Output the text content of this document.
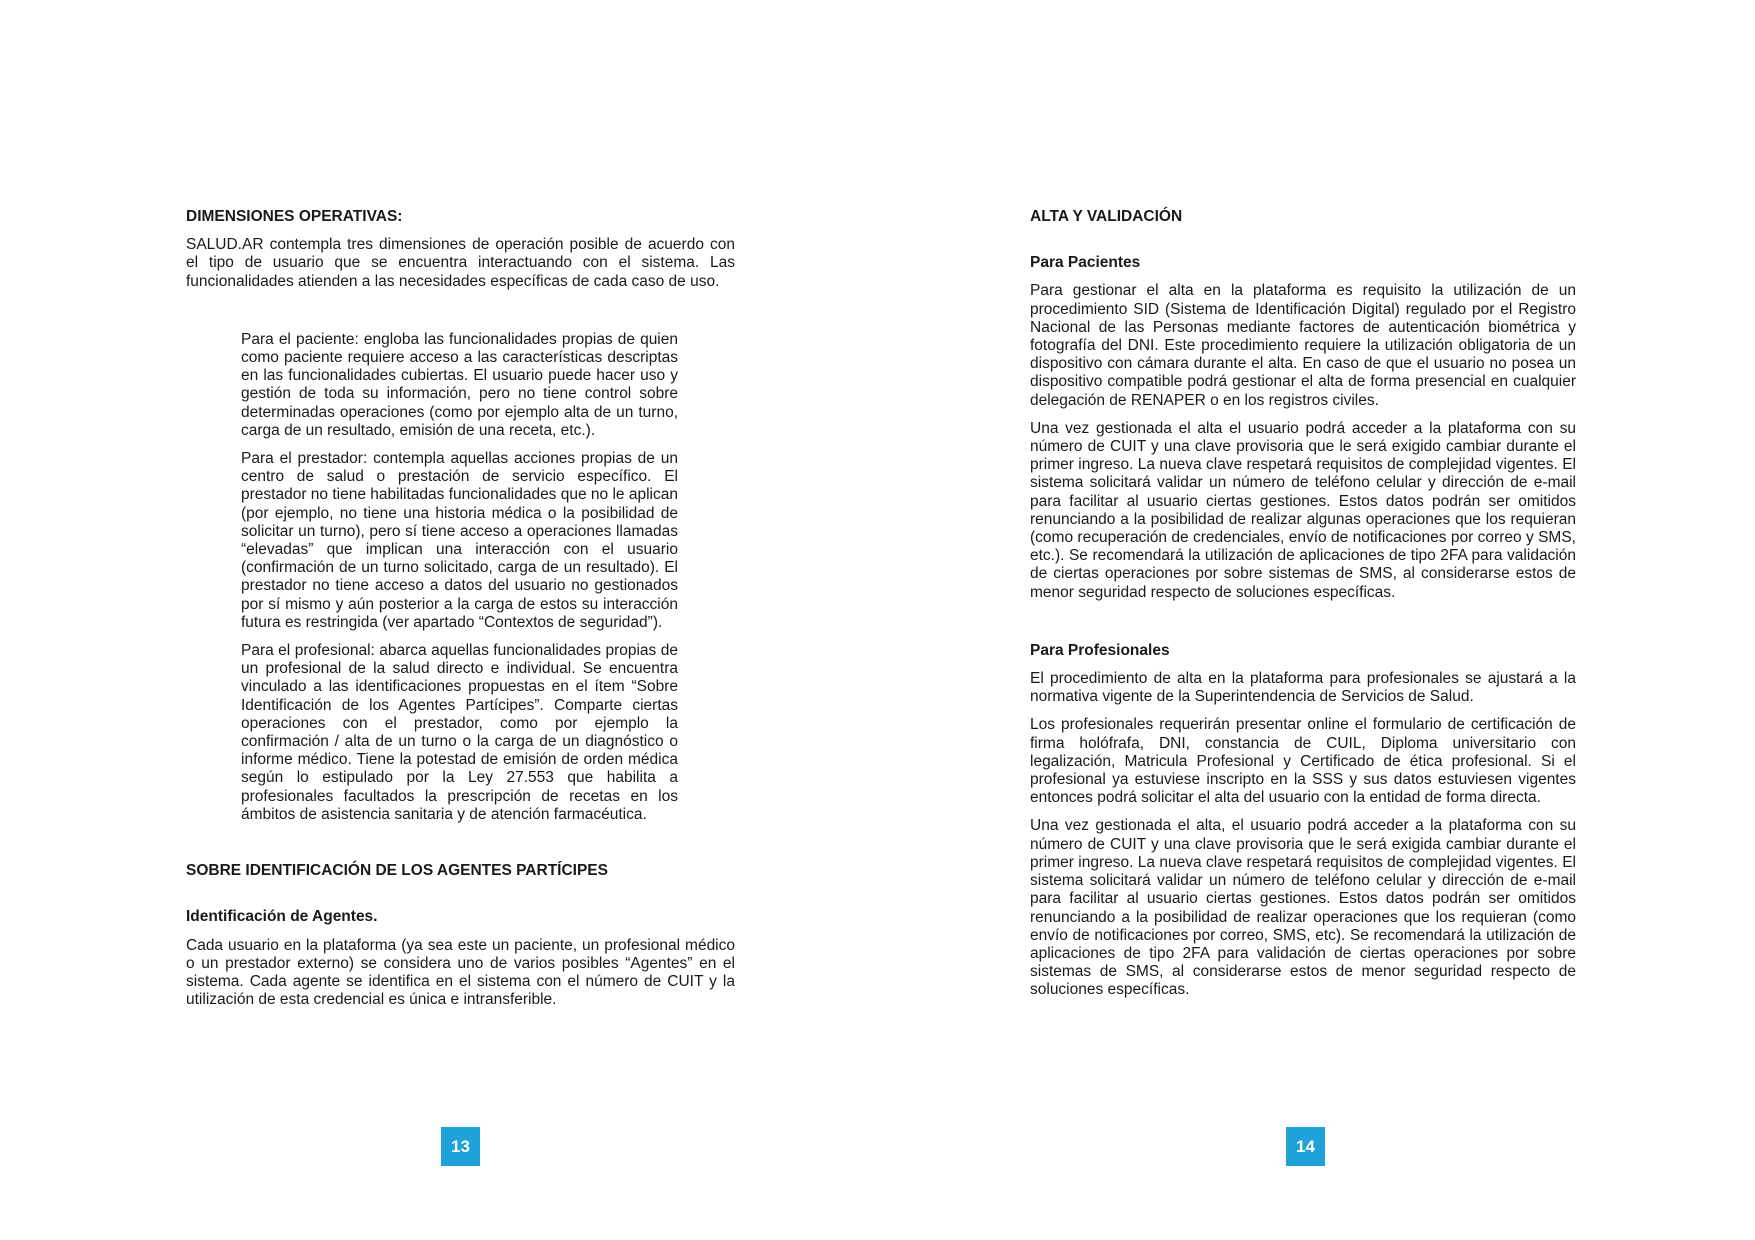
DIMENSIONES OPERATIVAS:

SALUD.AR contempla tres dimensiones de operación posible de acuerdo con el tipo de usuario que se encuentra interactuando con el sistema. Las funcionalidades atienden a las necesidades específicas de cada caso de uso.

Para el paciente: engloba las funcionalidades propias de quien como paciente requiere acceso a las características descriptas en las funcionalidades cubiertas. El usuario puede hacer uso y gestión de toda su información, pero no tiene control sobre determinadas operaciones (como por ejemplo alta de un turno, carga de un resultado, emisión de una receta, etc.).

Para el prestador: contempla aquellas acciones propias de un centro de salud o prestación de servicio específico. El prestador no tiene habilitadas funcionalidades que no le aplican (por ejemplo, no tiene una historia médica o la posibilidad de solicitar un turno), pero sí tiene acceso a operaciones llamadas “elevadas” que implican una interacción con el usuario (confirmación de un turno solicitado, carga de un resultado). El prestador no tiene acceso a datos del usuario no gestionados por sí mismo y aún posterior a la carga de estos su interacción futura es restringida (ver apartado “Contextos de seguridad”).

Para el profesional: abarca aquellas funcionalidades propias de un profesional de la salud directo e individual. Se encuentra vinculado a las identificaciones propuestas en el ítem “Sobre Identificación de los Agentes Partícipes”. Comparte ciertas operaciones con el prestador, como por ejemplo la confirmación / alta de un turno o la carga de un diagnóstico o informe médico. Tiene la potestad de emisión de orden médica según lo estipulado por la Ley 27.553 que habilita a profesionales facultados la prescripción de recetas en los ámbitos de asistencia sanitaria y de atención farmacéutica.

SOBRE IDENTIFICACIÓN DE LOS AGENTES PARTÍCIPES
Identificación de Agentes.

Cada usuario en la plataforma (ya sea este un paciente, un profesional médico o un prestador externo) se considera uno de varios posibles “Agentes” en el sistema. Cada agente se identifica en el sistema con el número de CUIT y la utilización de esta credencial es única e intransferible.

13
ALTA Y VALIDACIÓN
Para Pacientes

Para gestionar el alta en la plataforma es requisito la utilización de un procedimiento SID (Sistema de Identificación Digital) regulado por el Registro Nacional de las Personas mediante factores de autenticación biométrica y fotografía del DNI. Este procedimiento requiere la utilización obligatoria de un dispositivo con cámara durante el alta. En caso de que el usuario no posea un dispositivo compatible podrá gestionar el alta de forma presencial en cualquier delegación de RENAPER o en los registros civiles.

Una vez gestionada el alta el usuario podrá acceder a la plataforma con su número de CUIT y una clave provisoria que le será exigido cambiar durante el primer ingreso. La nueva clave respetará requisitos de complejidad vigentes. El sistema solicitará validar un número de teléfono celular y dirección de e-mail para facilitar al usuario ciertas gestiones. Estos datos podrán ser omitidos renunciando a la posibilidad de realizar algunas operaciones que los requieran (como recuperación de credenciales, envío de notificaciones por correo y SMS, etc.). Se recomendará la utilización de aplicaciones de tipo 2FA para validación de ciertas operaciones por sobre sistemas de SMS, al considerarse estos de menor seguridad respecto de soluciones específicas.

Para Profesionales

El procedimiento de alta en la plataforma para profesionales se ajustará a la normativa vigente de la Superintendencia de Servicios de Salud.

Los profesionales requerirán presentar online el formulario de certificación de firma holófrafa, DNI, constancia de CUIL, Diploma universitario con legalización, Matricula Profesional y Certificado de ética profesional. Si el profesional ya estuviese inscripto en la SSS y sus datos estuviesen vigentes entonces podrá solicitar el alta del usuario con la entidad de forma directa.

Una vez gestionada el alta, el usuario podrá acceder a la plataforma con su número de CUIT y una clave provisoria que le será exigida cambiar durante el primer ingreso. La nueva clave respetará requisitos de complejidad vigentes. El sistema solicitará validar un número de teléfono celular y dirección de e-mail para facilitar al usuario ciertas gestiones. Estos datos podrán ser omitidos renunciando a la posibilidad de realizar operaciones que los requieran (como envío de notificaciones por correo, SMS, etc). Se recomendará la utilización de aplicaciones de tipo 2FA para validación de ciertas operaciones por sobre sistemas de SMS, al considerarse estos de menor seguridad respecto de soluciones específicas.

14
